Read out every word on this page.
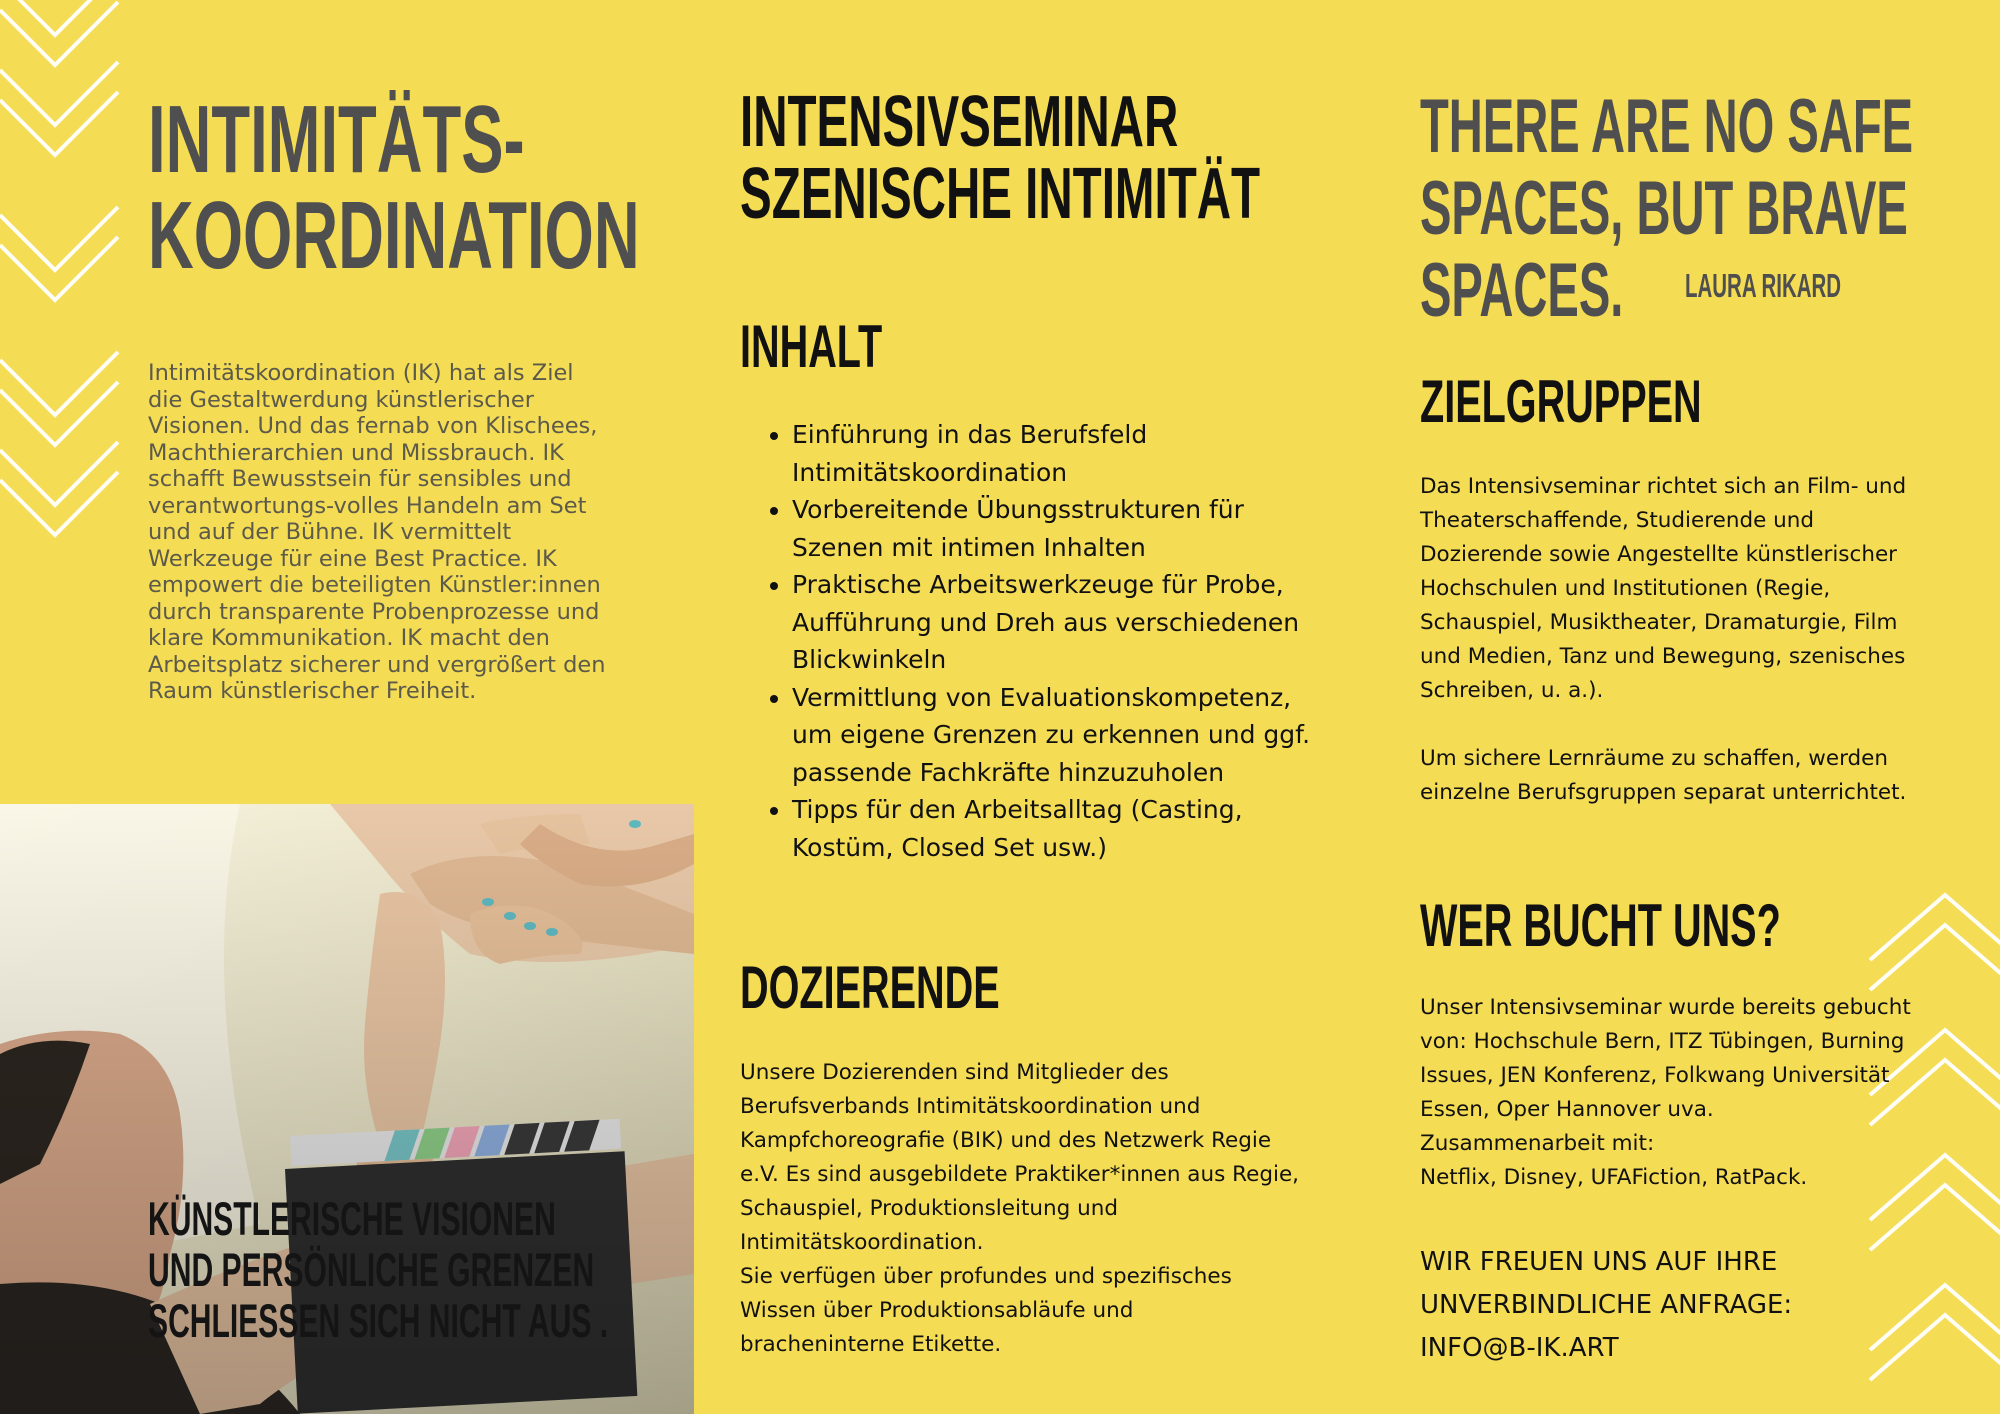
INTIMITÄTS-
KOORDINATION
Intimitätskoordination (IK) hat als Ziel die Gestaltwerdung künstlerischer Visionen. Und das fernab von Klischees, Machthierarchien und Missbrauch. IK schafft Bewusstsein für sensibles und verantwortungs-volles Handeln am Set und auf der Bühne. IK vermittelt Werkzeuge für eine Best Practice. IK empowert die beteiligten Künstler:innen durch transparente Probenprozesse und klare Kommunikation. IK macht den Arbeitsplatz sicherer und vergrößert den Raum künstlerischer Freiheit.
KÜNSTLERISCHE VISIONEN
UND PERSÖNLICHE GRENZEN
SCHLIESSEN SICH NICHT AUS .
INTENSIVSEMINAR
SZENISCHE INTIMITÄT
INHALT
• Einführung in das Berufsfeld Intimitätskoordination
• Vorbereitende Übungsstrukturen für Szenen mit intimen Inhalten
• Praktische Arbeitswerkzeuge für Probe, Aufführung und Dreh aus verschiedenen Blickwinkeln
• Vermittlung von Evaluationskompetenz, um eigene Grenzen zu erkennen und ggf. passende Fachkräfte hinzuzuholen
• Tipps für den Arbeitsalltag (Casting, Kostüm, Closed Set usw.)
DOZIERENDE
Unsere Dozierenden sind Mitglieder des Berufsverbands Intimitätskoordination und Kampfchoreografie (BIK) und des Netzwerk Regie e.V. Es sind ausgebildete Praktiker*innen aus Regie, Schauspiel, Produktionsleitung und Intimitätskoordination.
Sie verfügen über profundes und spezifisches Wissen über Produktionsabläufe und bracheninterne Etikette.
THERE ARE NO SAFE
SPACES, BUT BRAVE
SPACES.	LAURA RIKARD
ZIELGRUPPEN
Das Intensivseminar richtet sich an Film- und Theaterschaffende, Studierende und Dozierende sowie Angestellte künstlerischer Hochschulen und Institutionen (Regie, Schauspiel, Musiktheater, Dramaturgie, Film und Medien, Tanz und Bewegung, szenisches Schreiben, u. a.).
Um sichere Lernräume zu schaffen, werden einzelne Berufsgruppen separat unterrichtet.
WER BUCHT UNS?
Unser Intensivseminar wurde bereits gebucht von: Hochschule Bern, ITZ Tübingen, Burning Issues, JEN Konferenz, Folkwang Universität Essen, Oper Hannover uva.
Zusammenarbeit mit:
Netflix, Disney, UFAFiction, RatPack.
WIR FREUEN UNS AUF IHRE
UNVERBINDLICHE ANFRAGE:
INFO@B-IK.ART
